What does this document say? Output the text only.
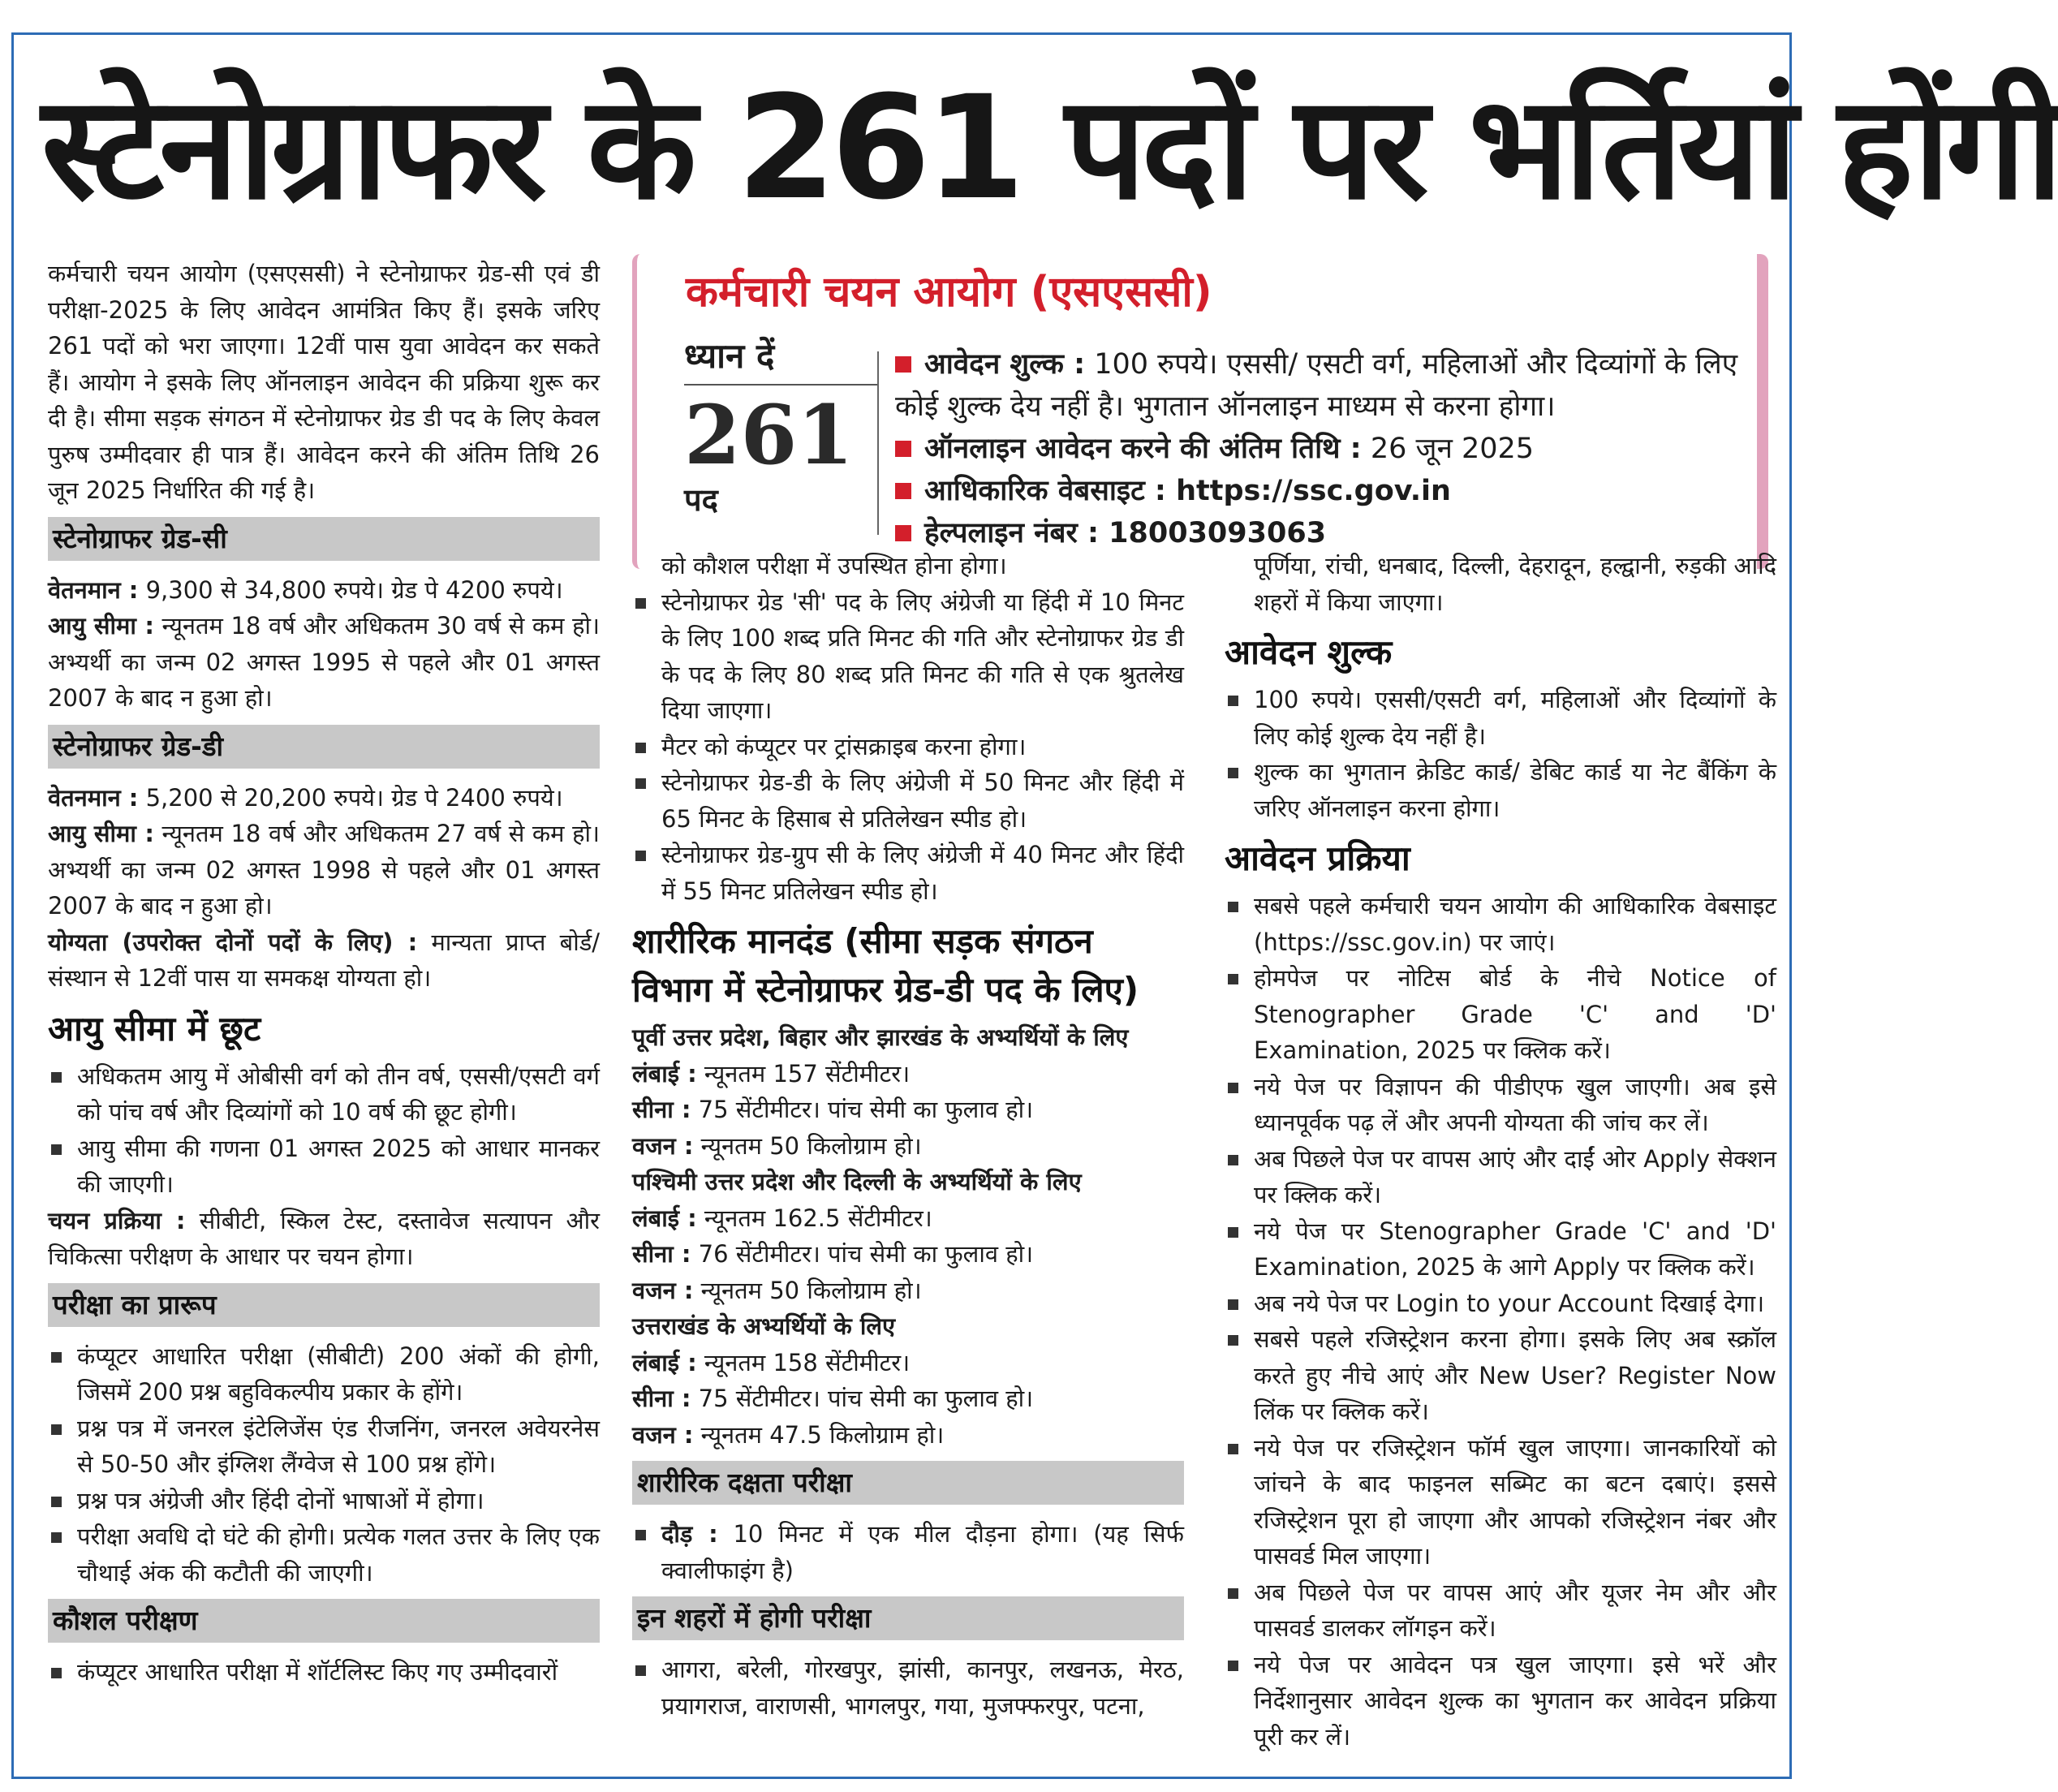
स्टेनोग्राफर के 261 पदों पर भर्तियां होंगी

कर्मचारी चयन आयोग (एसएससी) ने स्टेनोग्राफर ग्रेड-सी एवं डी परीक्षा-2025 के लिए आवेदन आमंत्रित किए हैं। इसके जरिए 261 पदों को भरा जाएगा। 12वीं पास युवा आवेदन कर सकते हैं। आयोग ने इसके लिए ऑनलाइन आवेदन की प्रक्रिया शुरू कर दी है। सीमा सड़क संगठन में स्टेनोग्राफर ग्रेड डी पद के लिए केवल पुरुष उम्मीदवार ही पात्र हैं। आवेदन करने की अंतिम तिथि 26 जून 2025 निर्धारित की गई है।

स्टेनोग्राफर ग्रेड-सी

वेतनमान : 9,300 से 34,800 रुपये। ग्रेड पे 4200 रुपये।

आयु सीमा : न्यूनतम 18 वर्ष और अधिकतम 30 वर्ष से कम हो। अभ्यर्थी का जन्म 02 अगस्त 1995 से पहले और 01 अगस्त 2007 के बाद न हुआ हो।

स्टेनोग्राफर ग्रेड-डी

वेतनमान : 5,200 से 20,200 रुपये। ग्रेड पे 2400 रुपये।

आयु सीमा : न्यूनतम 18 वर्ष और अधिकतम 27 वर्ष से कम हो। अभ्यर्थी का जन्म 02 अगस्त 1998 से पहले और 01 अगस्त 2007 के बाद न हुआ हो।

योग्यता (उपरोक्त दोनों पदों के लिए) : मान्यता प्राप्त बोर्ड/संस्थान से 12वीं पास या समकक्ष योग्यता हो।

आयु सीमा में छूट
अधिकतम आयु में ओबीसी वर्ग को तीन वर्ष, एससी/एसटी वर्ग को पांच वर्ष और दिव्यांगों को 10 वर्ष की छूट होगी।
आयु सीमा की गणना 01 अगस्त 2025 को आधार मानकर की जाएगी।

चयन प्रक्रिया : सीबीटी, स्किल टेस्ट, दस्तावेज सत्यापन और चिकित्सा परीक्षण के आधार पर चयन होगा।

परीक्षा का प्रारूप
कंप्यूटर आधारित परीक्षा (सीबीटी) 200 अंकों की होगी, जिसमें 200 प्रश्न बहुविकल्पीय प्रकार के होंगे।
प्रश्न पत्र में जनरल इंटेलिजेंस एंड रीजनिंग, जनरल अवेयरनेस से 50-50 और इंग्लिश लैंग्वेज से 100 प्रश्न होंगे।
प्रश्न पत्र अंग्रेजी और हिंदी दोनों भाषाओं में होगा।
परीक्षा अवधि दो घंटे की होगी। प्रत्येक गलत उत्तर के लिए एक चौथाई अंक की कटौती की जाएगी।
कौशल परीक्षण
कंप्यूटर आधारित परीक्षा में शॉर्टलिस्ट किए गए उम्मीदवारों
कर्मचारी चयन आयोग (एसएससी)
ध्यान दें
261
पद
आवेदन शुल्क : 100 रुपये। एससी/ एसटी वर्ग, महिलाओं और दिव्यांगों के लिए
कोई शुल्क देय नहीं है। भुगतान ऑनलाइन माध्यम से करना होगा।
ऑनलाइन आवेदन करने की अंतिम तिथि : 26 जून 2025
आधिकारिक वेबसाइट : https://ssc.gov.in
हेल्पलाइन नंबर : 18003093063

को कौशल परीक्षा में उपस्थित होना होगा।

स्टेनोग्राफर ग्रेड 'सी' पद के लिए अंग्रेजी या हिंदी में 10 मिनट के लिए 100 शब्द प्रति मिनट की गति और स्टेनोग्राफर ग्रेड डी के पद के लिए 80 शब्द प्रति मिनट की गति से एक श्रुतलेख दिया जाएगा।
मैटर को कंप्यूटर पर ट्रांसक्राइब करना होगा।
स्टेनोग्राफर ग्रेड-डी के लिए अंग्रेजी में 50 मिनट और हिंदी में 65 मिनट के हिसाब से प्रतिलेखन स्पीड हो।
स्टेनोग्राफर ग्रेड-ग्रुप सी के लिए अंग्रेजी में 40 मिनट और हिंदी में 55 मिनट प्रतिलेखन स्पीड हो।
शारीरिक मानदंड (सीमा सड़क संगठन विभाग में स्टेनोग्राफर ग्रेड-डी पद के लिए)

पूर्वी उत्तर प्रदेश, बिहार और झारखंड के अभ्यर्थियों के लिए

लंबाई : न्यूनतम 157 सेंटीमीटर।

सीना : 75 सेंटीमीटर। पांच सेमी का फुलाव हो।

वजन : न्यूनतम 50 किलोग्राम हो।

पश्चिमी उत्तर प्रदेश और दिल्ली के अभ्यर्थियों के लिए

लंबाई : न्यूनतम 162.5 सेंटीमीटर।

सीना : 76 सेंटीमीटर। पांच सेमी का फुलाव हो।

वजन : न्यूनतम 50 किलोग्राम हो।

उत्तराखंड के अभ्यर्थियों के लिए

लंबाई : न्यूनतम 158 सेंटीमीटर।

सीना : 75 सेंटीमीटर। पांच सेमी का फुलाव हो।

वजन : न्यूनतम 47.5 किलोग्राम हो।

शारीरिक दक्षता परीक्षा
दौड़ : 10 मिनट में एक मील दौड़ना होगा। (यह सिर्फ क्वालीफाइंग है)
इन शहरों में होगी परीक्षा
आगरा, बरेली, गोरखपुर, झांसी, कानपुर, लखनऊ, मेरठ, प्रयागराज, वाराणसी, भागलपुर, गया, मुजफ्फरपुर, पटना,

पूर्णिया, रांची, धनबाद, दिल्ली, देहरादून, हल्द्वानी, रुड़की आदि शहरों में किया जाएगा।

आवेदन शुल्क
100 रुपये। एससी/एसटी वर्ग, महिलाओं और दिव्यांगों के लिए कोई शुल्क देय नहीं है।
शुल्क का भुगतान क्रेडिट कार्ड/ डेबिट कार्ड या नेट बैंकिंग के जरिए ऑनलाइन करना होगा।
आवेदन प्रक्रिया
सबसे पहले कर्मचारी चयन आयोग की आधिकारिक वेबसाइट (https://ssc.gov.in) पर जाएं।
होमपेज पर नोटिस बोर्ड के नीचे Notice of Stenographer Grade 'C' and 'D' Examination, 2025 पर क्लिक करें।
नये पेज पर विज्ञापन की पीडीएफ खुल जाएगी। अब इसे ध्यानपूर्वक पढ़ लें और अपनी योग्यता की जांच कर लें।
अब पिछले पेज पर वापस आएं और दाईं ओर Apply सेक्शन पर क्लिक करें।
नये पेज पर Stenographer Grade 'C' and 'D' Examination, 2025 के आगे Apply पर क्लिक करें।
अब नये पेज पर Login to your Account दिखाई देगा।
सबसे पहले रजिस्ट्रेशन करना होगा। इसके लिए अब स्क्रॉल करते हुए नीचे आएं और New User? Register Now लिंक पर क्लिक करें।
नये पेज पर रजिस्ट्रेशन फॉर्म खुल जाएगा। जानकारियों को जांचने के बाद फाइनल सब्मिट का बटन दबाएं। इससे रजिस्ट्रेशन पूरा हो जाएगा और आपको रजिस्ट्रेशन नंबर और पासवर्ड मिल जाएगा।
अब पिछले पेज पर वापस आएं और यूजर नेम और और पासवर्ड डालकर लॉगइन करें।
नये पेज पर आवेदन पत्र खुल जाएगा। इसे भरें और निर्देशानुसार आवेदन शुल्क का भुगतान कर आवेदन प्रक्रिया पूरी कर लें।
